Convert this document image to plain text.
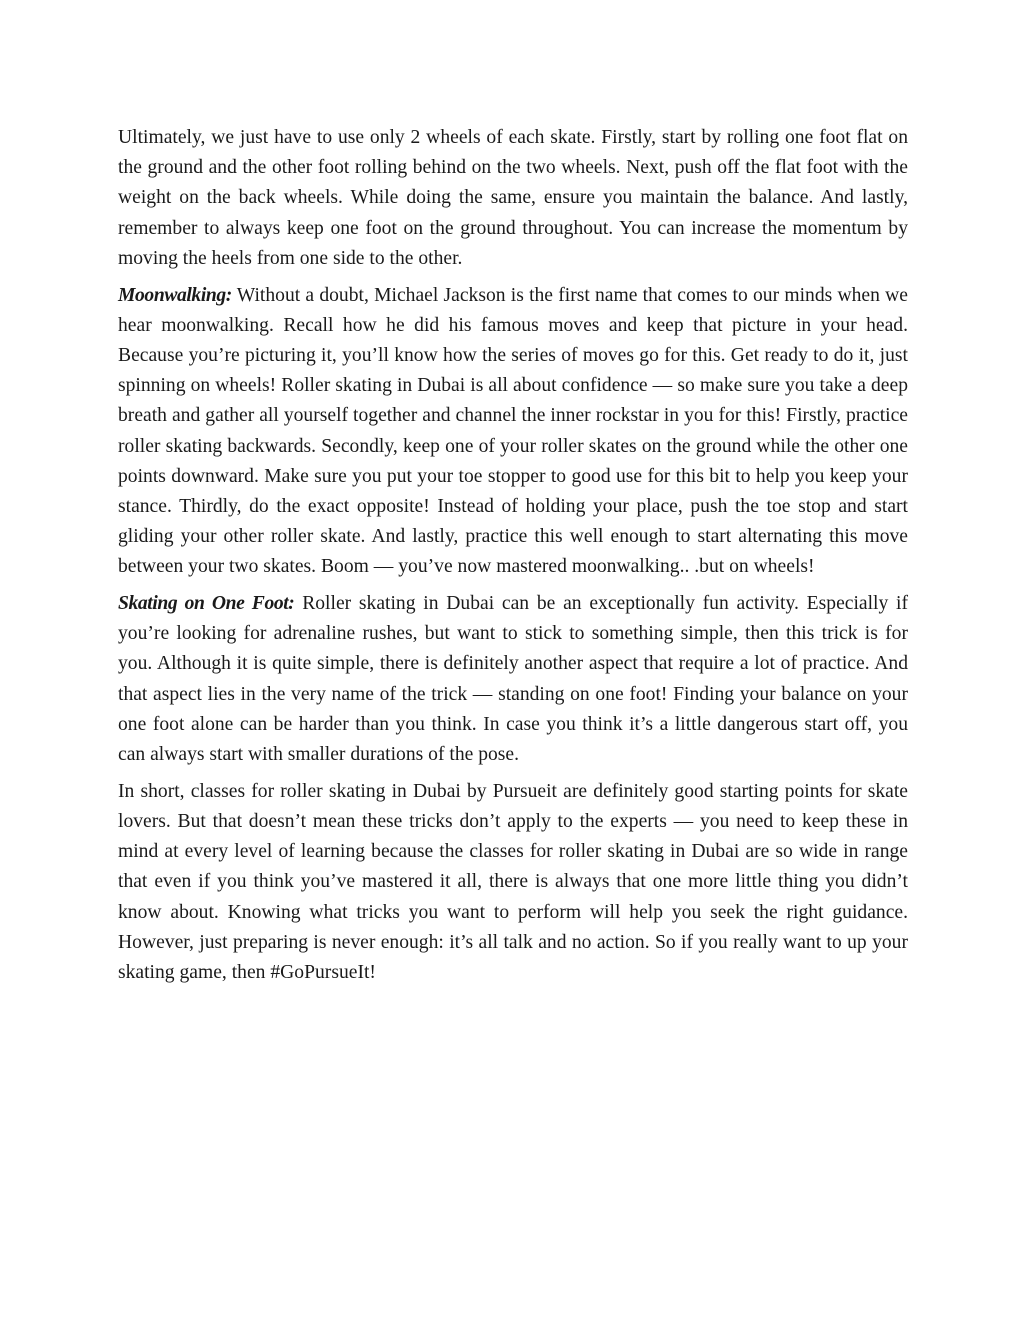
Ultimately, we just have to use only 2 wheels of each skate. Firstly, start by rolling one foot flat on the ground and the other foot rolling behind on the two wheels. Next, push off the flat foot with the weight on the back wheels. While doing the same, ensure you maintain the balance. And lastly, remember to always keep one foot on the ground throughout. You can increase the momentum by moving the heels from one side to the other.

Moonwalking: Without a doubt, Michael Jackson is the first name that comes to our minds when we hear moonwalking. Recall how he did his famous moves and keep that picture in your head. Because you’re picturing it, you’ll know how the series of moves go for this. Get ready to do it, just spinning on wheels! Roller skating in Dubai is all about confidence — so make sure you take a deep breath and gather all yourself together and channel the inner rockstar in you for this! Firstly, practice roller skating backwards. Secondly, keep one of your roller skates on the ground while the other one points downward. Make sure you put your toe stopper to good use for this bit to help you keep your stance. Thirdly, do the exact opposite! Instead of holding your place, push the toe stop and start gliding your other roller skate. And lastly, practice this well enough to start alternating this move between your two skates. Boom — you’ve now mastered moonwalking.. .but on wheels!

Skating on One Foot: Roller skating in Dubai can be an exceptionally fun activity. Especially if you’re looking for adrenaline rushes, but want to stick to something simple, then this trick is for you. Although it is quite simple, there is definitely another aspect that require a lot of practice. And that aspect lies in the very name of the trick — standing on one foot! Finding your balance on your one foot alone can be harder than you think. In case you think it’s a little dangerous start off, you can always start with smaller durations of the pose.

In short, classes for roller skating in Dubai by Pursueit are definitely good starting points for skate lovers. But that doesn’t mean these tricks don’t apply to the experts — you need to keep these in mind at every level of learning because the classes for roller skating in Dubai are so wide in range that even if you think you’ve mastered it all, there is always that one more little thing you didn’t know about. Knowing what tricks you want to perform will help you seek the right guidance. However, just preparing is never enough: it’s all talk and no action. So if you really want to up your skating game, then #GoPursueIt!
